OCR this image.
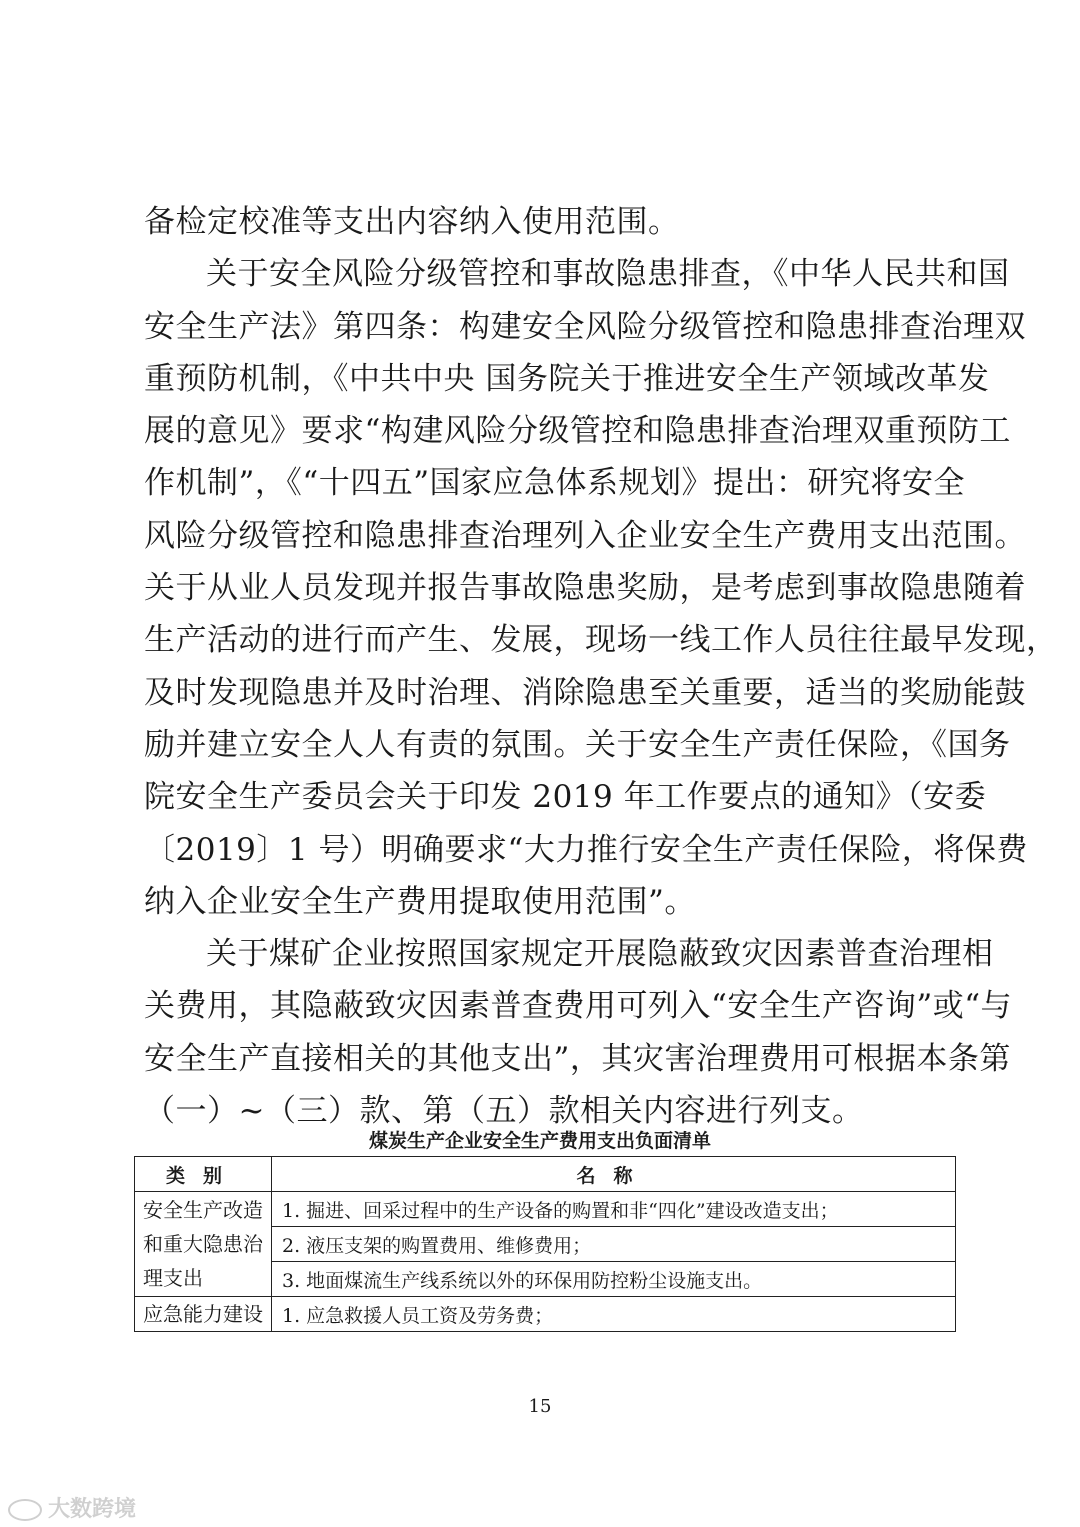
备检定校准等支出内容纳入使用范围。
关于安全风险分级管控和事故隐患排查，《中华人民共和国
安全生产法》第四条：构建安全风险分级管控和隐患排查治理双
重预防机制，《中共中央 国务院关于推进安全生产领域改革发
展的意见》要求“构建风险分级管控和隐患排查治理双重预防工
作机制”，《“十四五”国家应急体系规划》提出：研究将安全
风险分级管控和隐患排查治理列入企业安全生产费用支出范围。
关于从业人员发现并报告事故隐患奖励，是考虑到事故隐患随着
生产活动的进行而产生、发展，现场一线工作人员往往最早发现，
及时发现隐患并及时治理、消除隐患至关重要，适当的奖励能鼓
励并建立安全人人有责的氛围。关于安全生产责任保险，《国务
院安全生产委员会关于印发 2019 年工作要点的通知》（安委
〔2019〕1 号）明确要求“大力推行安全生产责任保险，将保费
纳入企业安全生产费用提取使用范围”。
关于煤矿企业按照国家规定开展隐蔽致灾因素普查治理相
关费用，其隐蔽致灾因素普查费用可列入“安全生产咨询”或“与
安全生产直接相关的其他支出”，其灾害治理费用可根据本条第
（一）~（三）款、第（五）款相关内容进行列支。
煤炭生产企业安全生产费用支出负面清单
类别	名称
安全生产改造和重大隐患治理支出	1. 掘进、回采过程中的生产设备的购置和非“四化”建设改造支出；
	2. 液压支架的购置费用、维修费用；
	3. 地面煤流生产线系统以外的环保用防控粉尘设施支出。
应急能力建设	1. 应急救援人员工资及劳务费；
15
大数跨境
